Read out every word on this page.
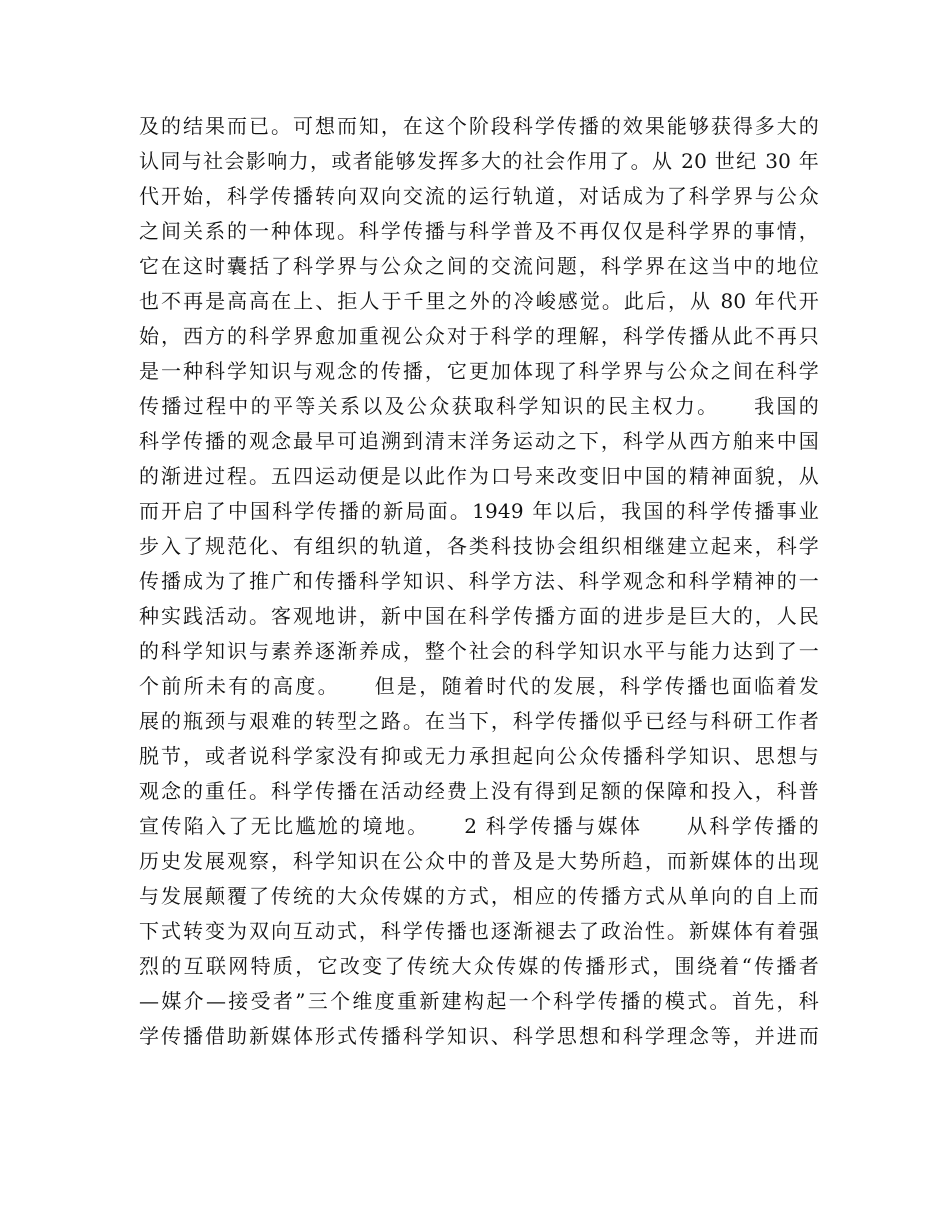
及的结果而已。可想而知，在这个阶段科学传播的效果能够获得多大的
认同与社会影响力，或者能够发挥多大的社会作用了。从 20 世纪 30 年
代开始，科学传播转向双向交流的运行轨道，对话成为了科学界与公众
之间关系的一种体现。科学传播与科学普及不再仅仅是科学界的事情，
它在这时囊括了科学界与公众之间的交流问题，科学界在这当中的地位
也不再是高高在上、拒人于千里之外的冷峻感觉。此后，从 80 年代开
始，西方的科学界愈加重视公众对于科学的理解，科学传播从此不再只
是一种科学知识与观念的传播，它更加体现了科学界与公众之间在科学
传播过程中的平等关系以及公众获取科学知识的民主权力。　　我国的
科学传播的观念最早可追溯到清末洋务运动之下，科学从西方舶来中国
的渐进过程。五四运动便是以此作为口号来改变旧中国的精神面貌，从
而开启了中国科学传播的新局面。1949 年以后，我国的科学传播事业
步入了规范化、有组织的轨道，各类科技协会组织相继建立起来，科学
传播成为了推广和传播科学知识、科学方法、科学观念和科学精神的一
种实践活动。客观地讲，新中国在科学传播方面的进步是巨大的，人民
的科学知识与素养逐渐养成，整个社会的科学知识水平与能力达到了一
个前所未有的高度。　　但是，随着时代的发展，科学传播也面临着发
展的瓶颈与艰难的转型之路。在当下，科学传播似乎已经与科研工作者
脱节，或者说科学家没有抑或无力承担起向公众传播科学知识、思想与
观念的重任。科学传播在活动经费上没有得到足额的保障和投入，科普
宣传陷入了无比尴尬的境地。　　2 科学传播与媒体　　从科学传播的
历史发展观察，科学知识在公众中的普及是大势所趋，而新媒体的出现
与发展颠覆了传统的大众传媒的方式，相应的传播方式从单向的自上而
下式转变为双向互动式，科学传播也逐渐褪去了政治性。新媒体有着强
烈的互联网特质，它改变了传统大众传媒的传播形式，围绕着“传播者
—媒介—接受者”三个维度重新建构起一个科学传播的模式。首先，科
学传播借助新媒体形式传播科学知识、科学思想和科学理念等，并进而
